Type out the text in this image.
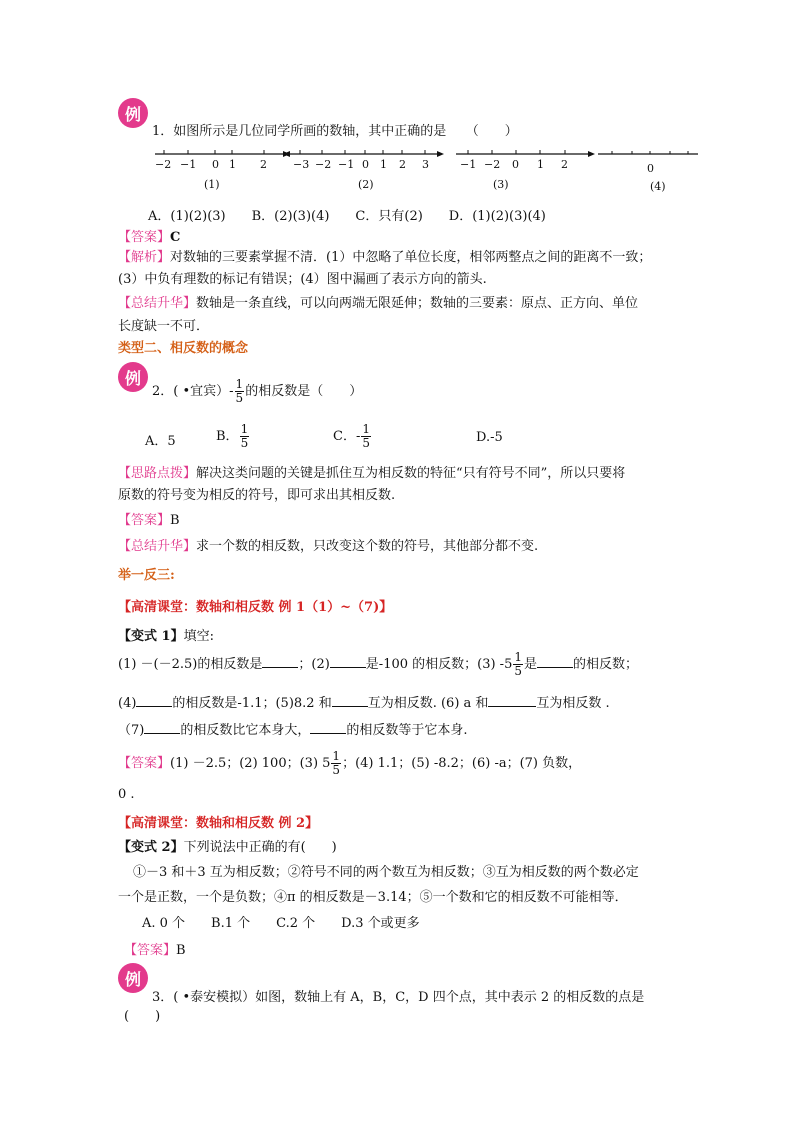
例
1．如图所示是几位同学所画的数轴，其中正确的是　　（　　）
−2 −1 0 1 2
(1)
−3 −2 −1 0 1 2 3
(2)
−1 −2 0 1 2
(3)
0
(4)
A．(1)(2)(3)　　B．(2)(3)(4)　　C．只有(2)　　D．(1)(2)(3)(4)
【答案】C
【解析】对数轴的三要素掌握不清．(1）中忽略了单位长度，相邻两整点之间的距离不一致；
(3）中负有理数的标记有错误；(4）图中漏画了表示方向的箭头.
【总结升华】数轴是一条直线，可以向两端无限延伸；数轴的三要素：原点、正方向、单位
长度缺一不可．
类型二、相反数的概念
例
2．( •宜宾）- $\frac{1}{5}$ 的相反数是（　　）
A．5	B． $\frac{1}{5}$	C．- $\frac{1}{5}$	D.-5
【思路点拨】解决这类问题的关键是抓住互为相反数的特征“只有符号不同”，所以只要将
原数的符号变为相反的符号，即可求出其相反数.
【答案】B
【总结升华】求一个数的相反数，只改变这个数的符号，其他部分都不变.
举一反三:
【高清课堂：数轴和相反数 例 1（1）~（7)】
【变式 1】填空:
(1) －(－2.5)的相反数是	；(2)	是-100 的相反数；(3) $-5 \frac{1}{5}$ 是	的相反数；
(4)	的相反数是-1.1；(5)8.2 和	互为相反数. (6) a 和	互为相反数 .
（7)	的相反数比它本身大，	的相反数等于它本身.
【答案】(1) －2.5；(2) 100；(3) $5 \frac{1}{5}$ ；(4) 1.1；(5) -8.2；(6) -a；(7) 负数，
0 .
【高清课堂：数轴和相反数 例 2】
【变式 2】下列说法中正确的有(　　)
①－3 和＋3 互为相反数；②符号不同的两个数互为相反数；③互为相反数的两个数必定
一个是正数，一个是负数；④π 的相反数是－3.14；⑤一个数和它的相反数不可能相等．
A. 0 个　　B.1 个　　C.2 个　　D.3 个或更多
【答案】B
例
3．( •泰安模拟）如图，数轴上有 A，B，C，D 四个点，其中表示 2 的相反数的点是
(　　)
